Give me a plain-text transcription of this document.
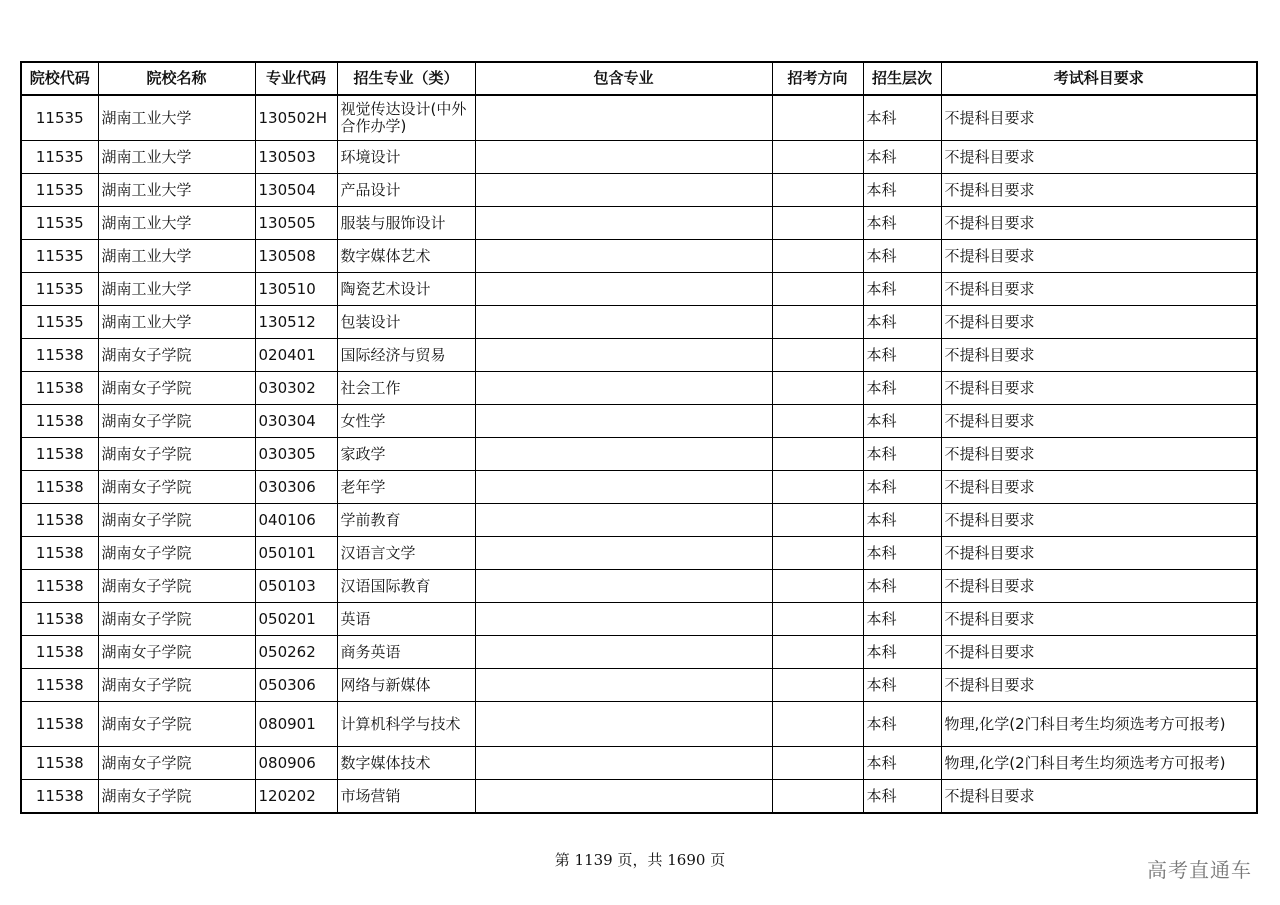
院校代码	院校名称	专业代码	招生专业（类）	包含专业	招考方向	招生层次	考试科目要求
11535	湖南工业大学	130502H	视觉传达设计(中外合作办学)			本科	不提科目要求
11535	湖南工业大学	130503	环境设计			本科	不提科目要求
11535	湖南工业大学	130504	产品设计			本科	不提科目要求
11535	湖南工业大学	130505	服装与服饰设计			本科	不提科目要求
11535	湖南工业大学	130508	数字媒体艺术			本科	不提科目要求
11535	湖南工业大学	130510	陶瓷艺术设计			本科	不提科目要求
11535	湖南工业大学	130512	包装设计			本科	不提科目要求
11538	湖南女子学院	020401	国际经济与贸易			本科	不提科目要求
11538	湖南女子学院	030302	社会工作			本科	不提科目要求
11538	湖南女子学院	030304	女性学			本科	不提科目要求
11538	湖南女子学院	030305	家政学			本科	不提科目要求
11538	湖南女子学院	030306	老年学			本科	不提科目要求
11538	湖南女子学院	040106	学前教育			本科	不提科目要求
11538	湖南女子学院	050101	汉语言文学			本科	不提科目要求
11538	湖南女子学院	050103	汉语国际教育			本科	不提科目要求
11538	湖南女子学院	050201	英语			本科	不提科目要求
11538	湖南女子学院	050262	商务英语			本科	不提科目要求
11538	湖南女子学院	050306	网络与新媒体			本科	不提科目要求
11538	湖南女子学院	080901	计算机科学与技术			本科	物理,化学(2门科目考生均须选考方可报考)
11538	湖南女子学院	080906	数字媒体技术			本科	物理,化学(2门科目考生均须选考方可报考)
11538	湖南女子学院	120202	市场营销			本科	不提科目要求
第 1139 页，共 1690 页	高考直通车
